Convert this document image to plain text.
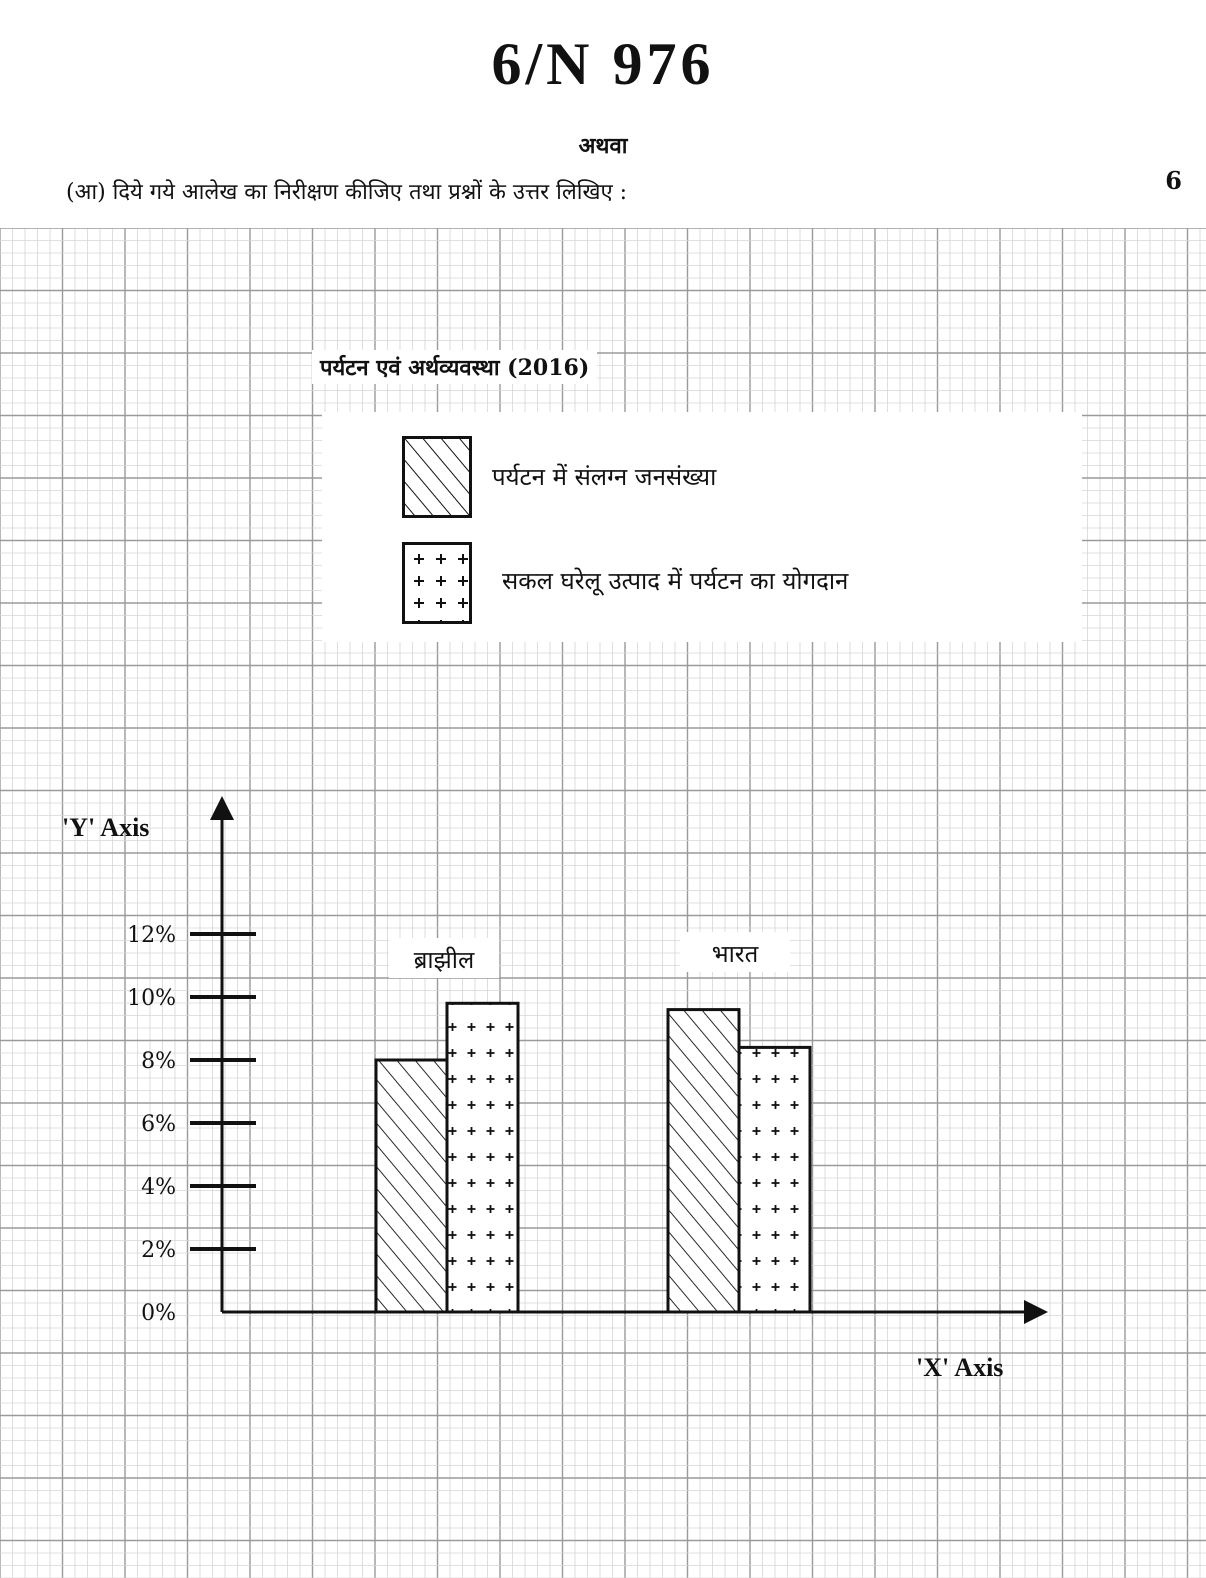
6/N 976
अथवा
(आ) दिये गये आलेख का निरीक्षण कीजिए तथा प्रश्नों के उत्तर लिखिए :	6
पर्यटन एवं अर्थव्यवस्था (2016)
पर्यटन में संलग्न जनसंख्या
सकल घरेलू उत्पाद में पर्यटन का योगदान
'Y' Axis
'X' Axis
0%
2%
4%
6%
8%
10%
12%
ब्राझील	भारत
